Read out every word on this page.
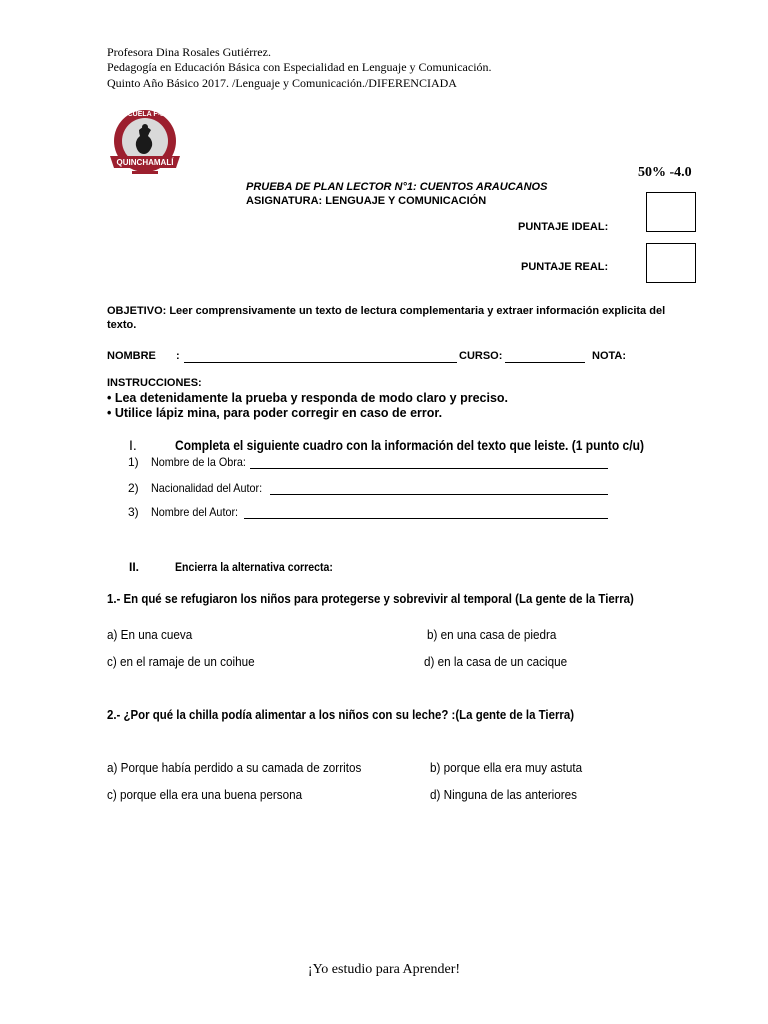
Profesora Dina Rosales Gutiérrez.
Pedagogía en Educación Básica con Especialidad en Lenguaje y Comunicación.
Quinto Año Básico 2017. /Lenguaje y Comunicación./DIFERENCIADA
ESCUELA F-839
QUINCHAMALÍ
50% -4.0
PRUEBA DE PLAN LECTOR N°1: CUENTOS ARAUCANOS
ASIGNATURA: LENGUAJE Y COMUNICACIÓN
PUNTAJE IDEAL:
PUNTAJE REAL:
OBJETIVO: Leer comprensivamente un texto de lectura complementaria y extraer información explicita del
texto.
NOMBRE :	CURSO:	NOTA:
INSTRUCCIONES:
• Lea detenidamente la prueba y responda de modo claro y preciso.
• Utilice lápiz mina, para poder corregir en caso de error.
I.	Completa el siguiente cuadro con la información del texto que leiste. (1 punto c/u)
1) Nombre de la Obra:
2) Nacionalidad del Autor:
3) Nombre del Autor:
II.	Encierra la alternativa correcta:
1.- En qué se refugiaron los niños para protegerse y sobrevivir al temporal (La gente de la Tierra)
a) En una cueva	b) en una casa de piedra
c) en el ramaje de un coihue	d) en la casa de un cacique
2.- ¿Por qué la chilla podía alimentar a los niños con su leche? :(La gente de la Tierra)
a) Porque había perdido a su camada de zorritos	b) porque ella era muy astuta
c) porque ella era una buena persona	d) Ninguna de las anteriores
¡Yo estudio para Aprender!
